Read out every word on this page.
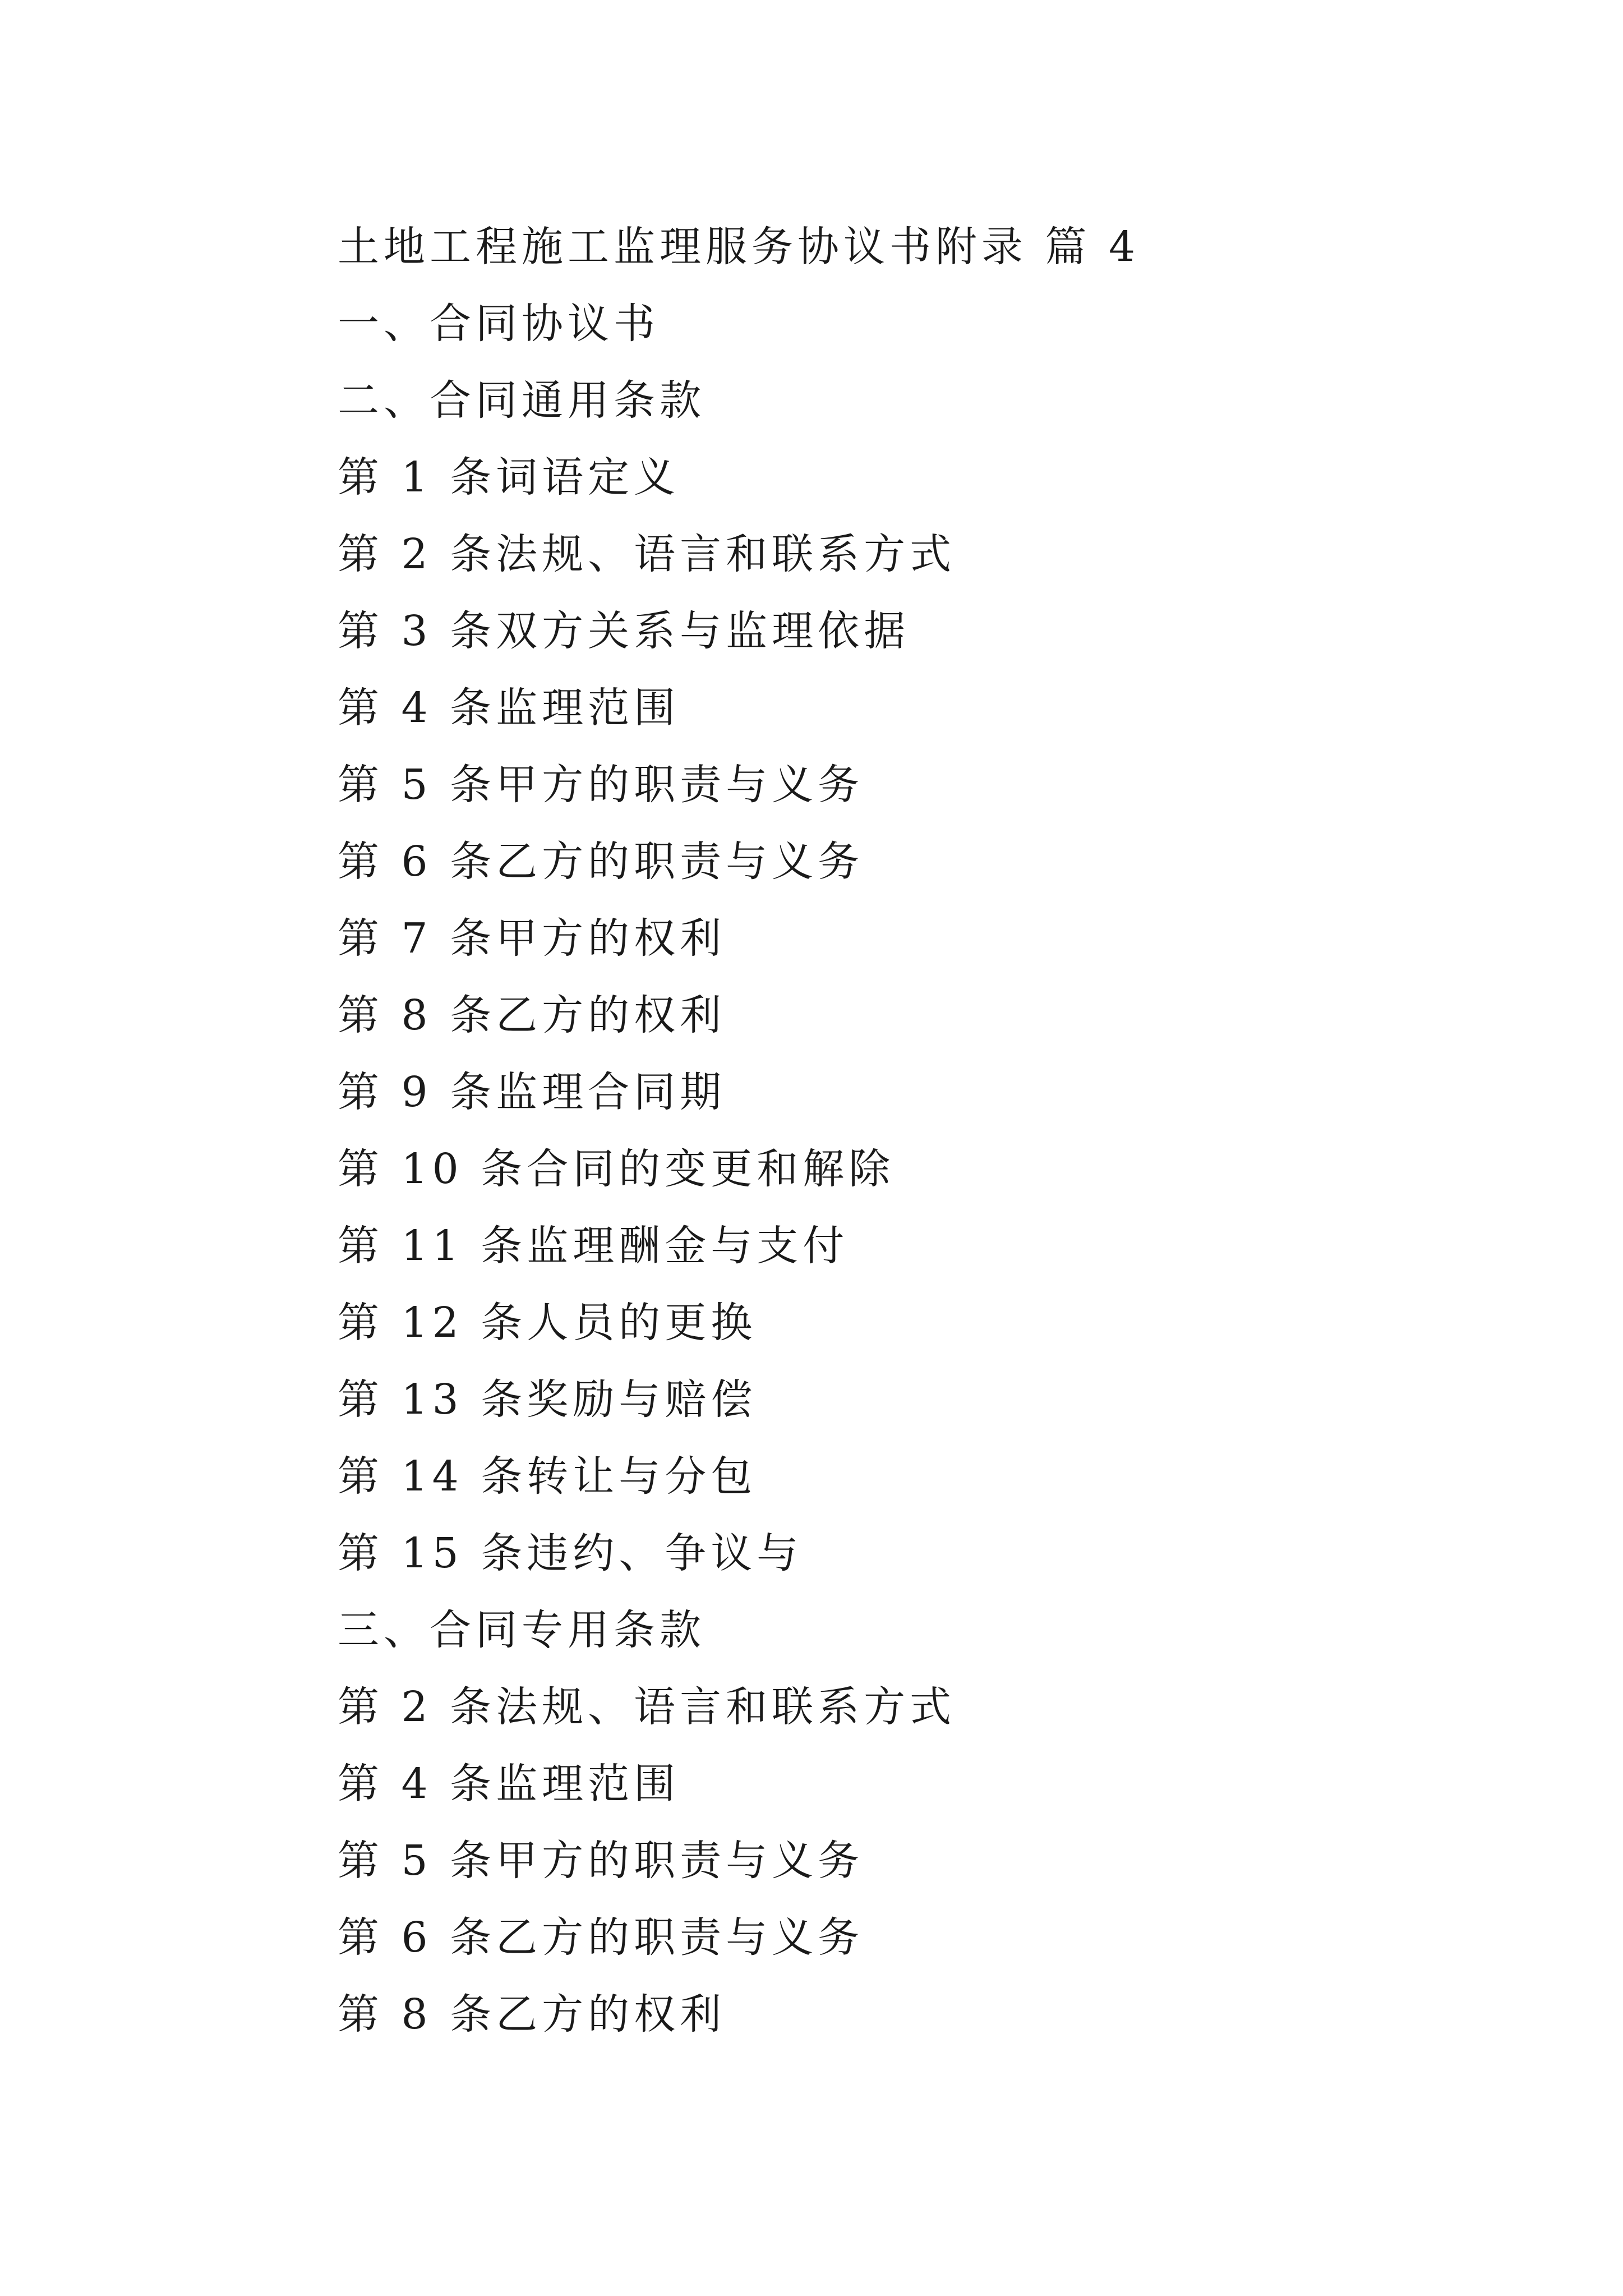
土地工程施工监理服务协议书附录 篇 4

一、合同协议书

二、合同通用条款

第 1 条词语定义

第 2 条法规、语言和联系方式

第 3 条双方关系与监理依据

第 4 条监理范围

第 5 条甲方的职责与义务

第 6 条乙方的职责与义务

第 7 条甲方的权利

第 8 条乙方的权利

第 9 条监理合同期

第 10 条合同的变更和解除

第 11 条监理酬金与支付

第 12 条人员的更换

第 13 条奖励与赔偿

第 14 条转让与分包

第 15 条违约、争议与

三、合同专用条款

第 2 条法规、语言和联系方式

第 4 条监理范围

第 5 条甲方的职责与义务

第 6 条乙方的职责与义务

第 8 条乙方的权利
